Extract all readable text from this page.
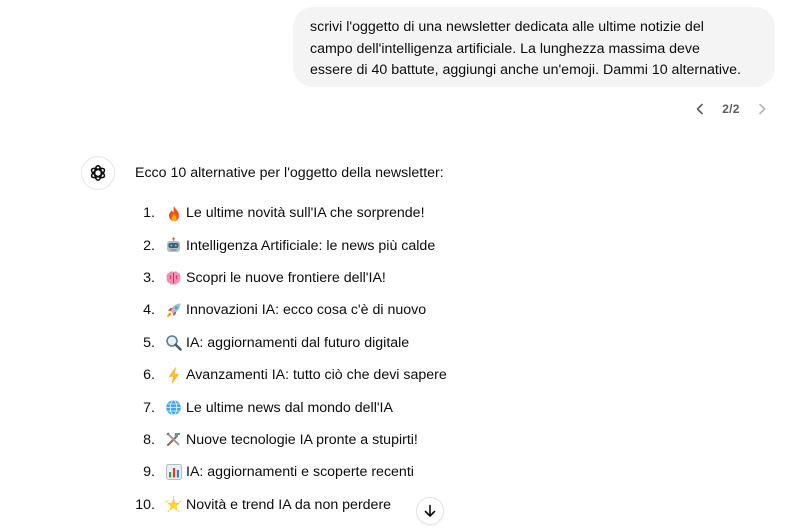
scrivi l'oggetto di una newsletter dedicata alle ultime notizie del
campo dell'intelligenza artificiale. La lunghezza massima deve
essere di 40 battute, aggiungi anche un'emoji. Dammi 10 alternative.
2/2
Ecco 10 alternative per l'oggetto della newsletter:
1. Le ultime novità sull'IA che sorprende!
2. Intelligenza Artificiale: le news più calde
3. Scopri le nuove frontiere dell'IA!
4. Innovazioni IA: ecco cosa c'è di nuovo
5. IA: aggiornamenti dal futuro digitale
6. Avanzamenti IA: tutto ciò che devi sapere
7. Le ultime news dal mondo dell'IA
8. Nuove tecnologie IA pronte a stupirti!
9. IA: aggiornamenti e scoperte recenti
10. Novità e trend IA da non perdere
